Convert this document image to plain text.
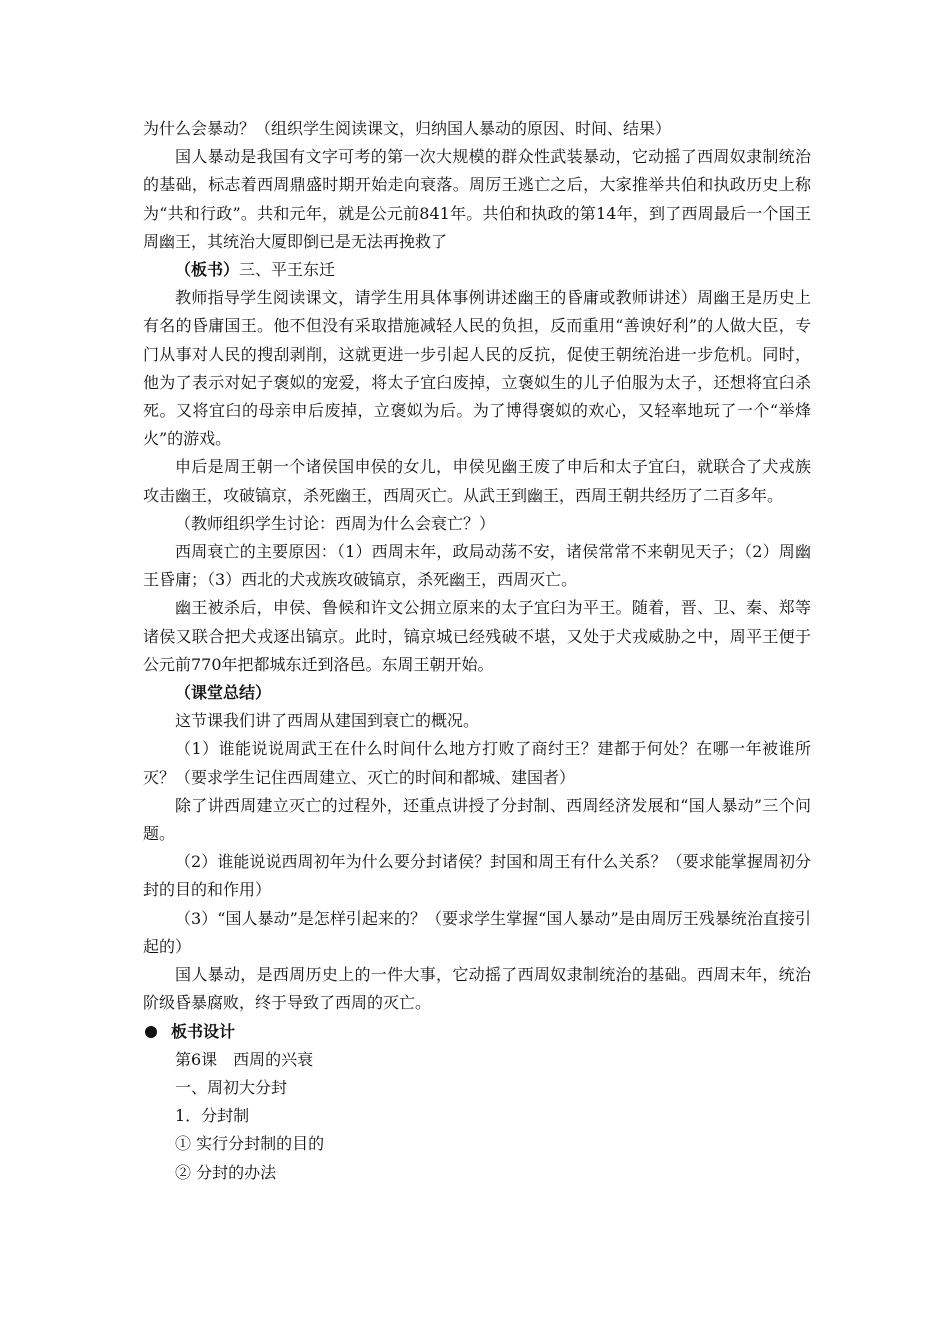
为什么会暴动？（组织学生阅读课文，归纳国人暴动的原因、时间、结果）

国人暴动是我国有文字可考的第一次大规模的群众性武装暴动，它动摇了西周奴隶制统治的基础，标志着西周鼎盛时期开始走向衰落。周厉王逃亡之后，大家推举共伯和执政历史上称为“共和行政”。共和元年，就是公元前841年。共伯和执政的第14年，到了西周最后一个国王周幽王，其统治大厦即倒已是无法再挽救了

（板书）三、平王东迁

教师指导学生阅读课文，请学生用具体事例讲述幽王的昏庸或教师讲述）周幽王是历史上有名的昏庸国王。他不但没有采取措施减轻人民的负担，反而重用“善谀好利”的人做大臣，专门从事对人民的搜刮剥削，这就更进一步引起人民的反抗，促使王朝统治进一步危机。同时，他为了表示对妃子褒姒的宠爱，将太子宜臼废掉，立褒姒生的儿子伯服为太子，还想将宜臼杀死。又将宜臼的母亲申后废掉，立褒姒为后。为了博得褒姒的欢心，又轻率地玩了一个“举烽火”的游戏。

申后是周王朝一个诸侯国申侯的女儿，申侯见幽王废了申后和太子宜臼，就联合了犬戎族攻击幽王，攻破镐京，杀死幽王，西周灭亡。从武王到幽王，西周王朝共经历了二百多年。

（教师组织学生讨论：西周为什么会衰亡？）

西周衰亡的主要原因：（1）西周末年，政局动荡不安，诸侯常常不来朝见天子；（2）周幽王昏庸；（3）西北的犬戎族攻破镐京，杀死幽王，西周灭亡。

幽王被杀后，申侯、鲁候和许文公拥立原来的太子宜臼为平王。随着，晋、卫、秦、郑等诸侯又联合把犬戎逐出镐京。此时，镐京城已经残破不堪，又处于犬戎威胁之中，周平王便于公元前770年把都城东迁到洛邑。东周王朝开始。

（课堂总结）

这节课我们讲了西周从建国到衰亡的概况。

（1）谁能说说周武王在什么时间什么地方打败了商纣王？建都于何处？在哪一年被谁所灭？（要求学生记住西周建立、灭亡的时间和都城、建国者）

除了讲西周建立灭亡的过程外，还重点讲授了分封制、西周经济发展和“国人暴动”三个问题。

（2）谁能说说西周初年为什么要分封诸侯？封国和周王有什么关系？（要求能掌握周初分封的目的和作用）

（3）“国人暴动”是怎样引起来的？（要求学生掌握“国人暴动”是由周厉王残暴统治直接引起的）

国人暴动，是西周历史上的一件大事，它动摇了西周奴隶制统治的基础。西周末年，统治阶级昏暴腐败，终于导致了西周的灭亡。

板书设计

第6课　西周的兴衰

一、周初大分封

1．分封制

① 实行分封制的目的

② 分封的办法
